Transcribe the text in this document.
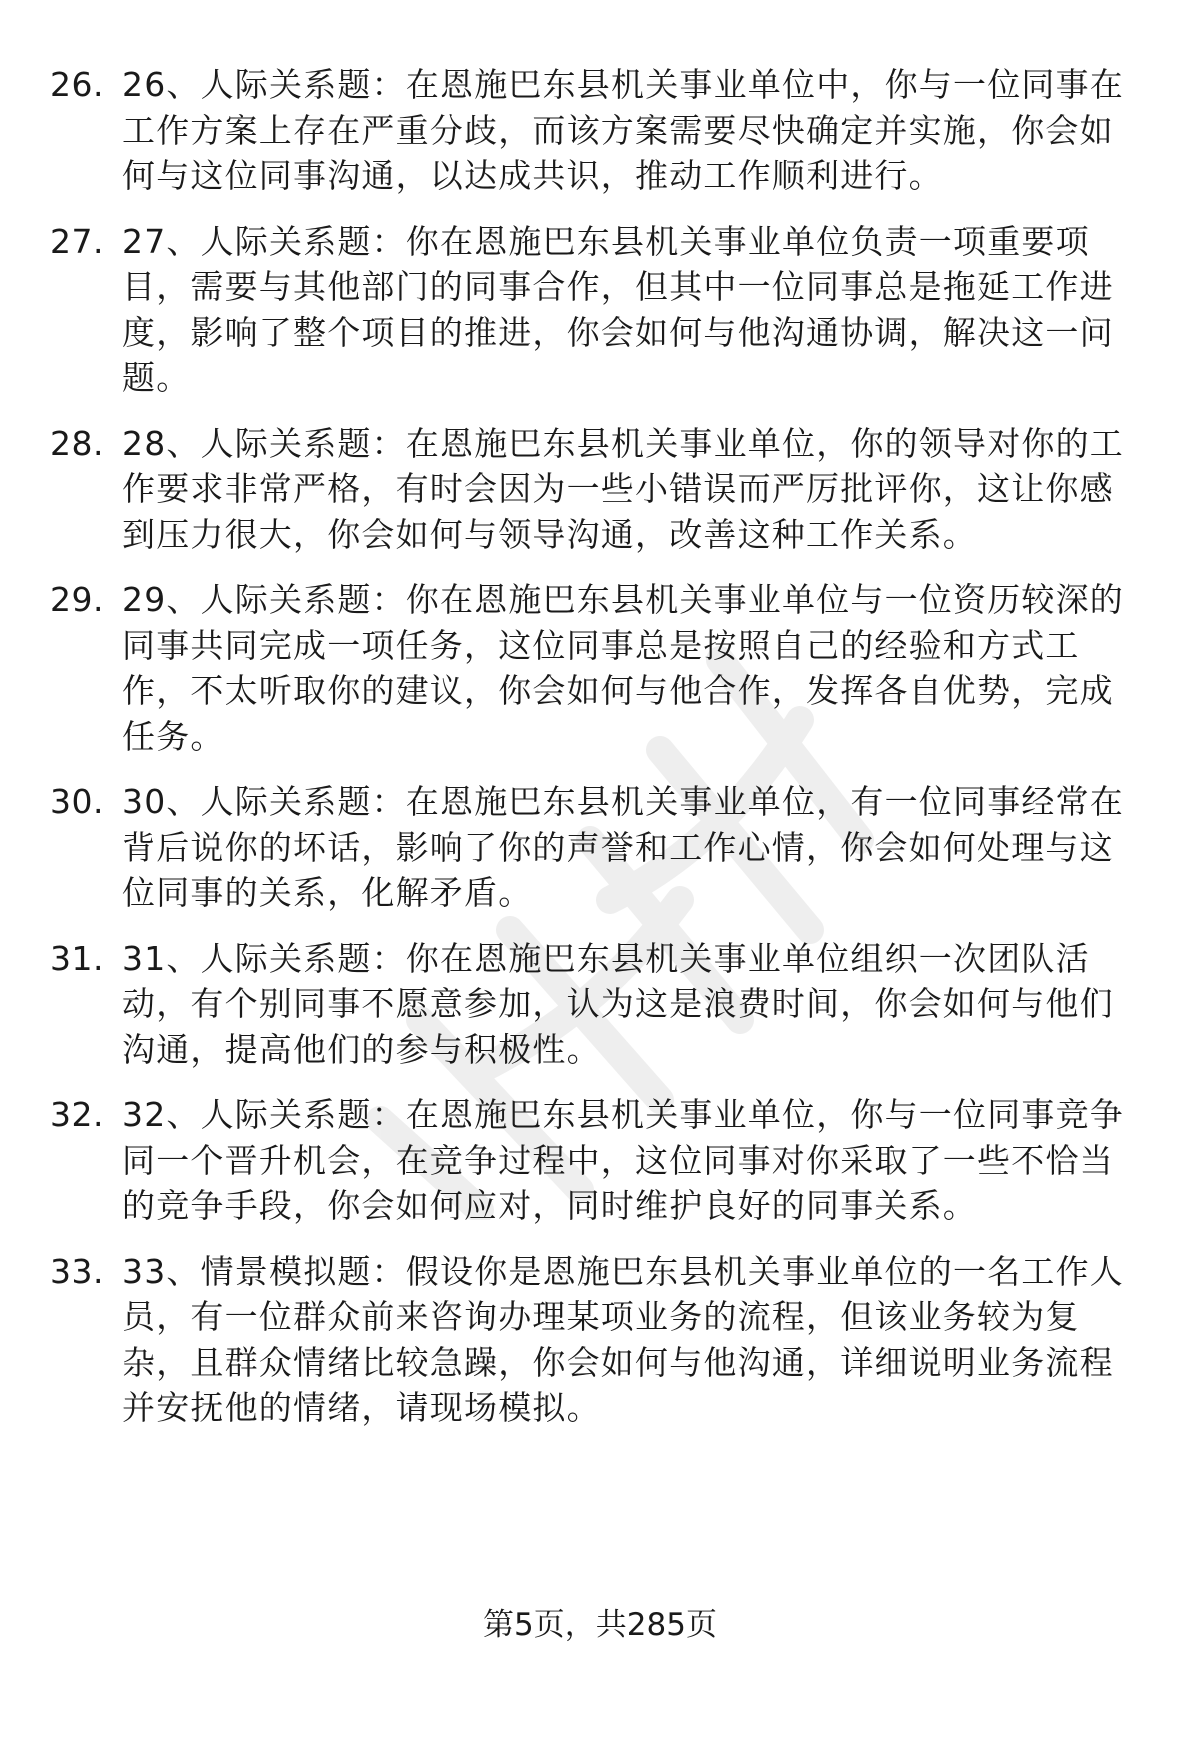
26. 26、人际关系题：在恩施巴东县机关事业单位中，你与一位同事在工作方案上存在严重分歧，而该方案需要尽快确定并实施，你会如何与这位同事沟通，以达成共识，推动工作顺利进行。
27. 27、人际关系题：你在恩施巴东县机关事业单位负责一项重要项目，需要与其他部门的同事合作，但其中一位同事总是拖延工作进度，影响了整个项目的推进，你会如何与他沟通协调，解决这一问题。
28. 28、人际关系题：在恩施巴东县机关事业单位，你的领导对你的工作要求非常严格，有时会因为一些小错误而严厉批评你，这让你感到压力很大，你会如何与领导沟通，改善这种工作关系。
29. 29、人际关系题：你在恩施巴东县机关事业单位与一位资历较深的同事共同完成一项任务，这位同事总是按照自己的经验和方式工作，不太听取你的建议，你会如何与他合作，发挥各自优势，完成任务。
30. 30、人际关系题：在恩施巴东县机关事业单位，有一位同事经常在背后说你的坏话，影响了你的声誉和工作心情，你会如何处理与这位同事的关系，化解矛盾。
31. 31、人际关系题：你在恩施巴东县机关事业单位组织一次团队活动，有个别同事不愿意参加，认为这是浪费时间，你会如何与他们沟通，提高他们的参与积极性。
32. 32、人际关系题：在恩施巴东县机关事业单位，你与一位同事竞争同一个晋升机会，在竞争过程中，这位同事对你采取了一些不恰当的竞争手段，你会如何应对，同时维护良好的同事关系。
33. 33、情景模拟题：假设你是恩施巴东县机关事业单位的一名工作人员，有一位群众前来咨询办理某项业务的流程，但该业务较为复杂，且群众情绪比较急躁，你会如何与他沟通，详细说明业务流程并安抚他的情绪，请现场模拟。
第5页，共285页
